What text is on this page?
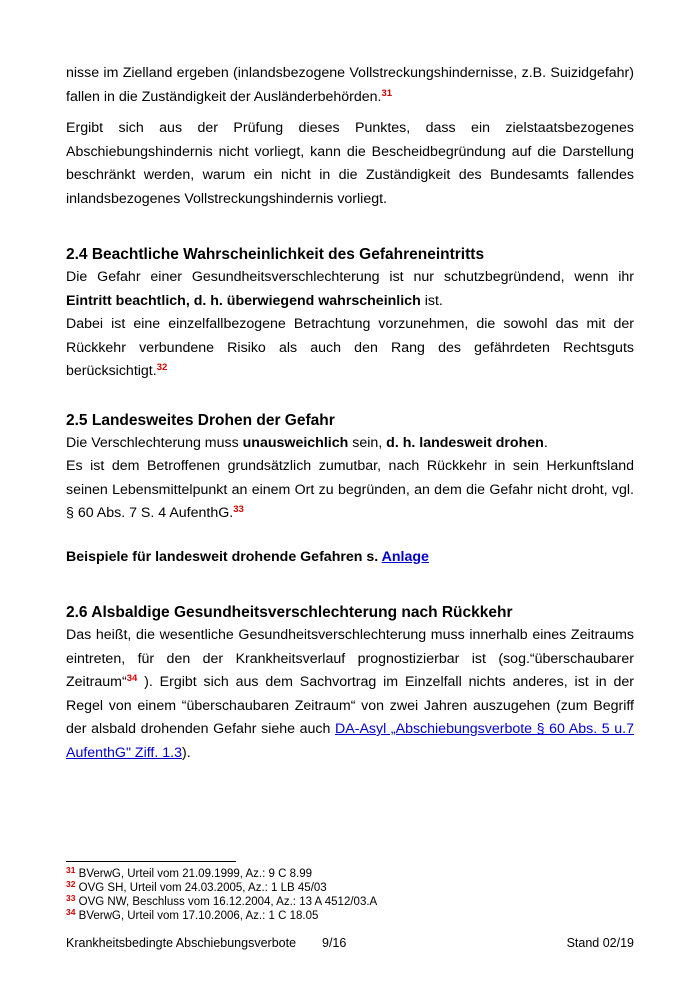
nisse im Zielland ergeben (inlandsbezogene Vollstreckungshindernisse, z.B. Suizidgefahr) fallen in die Zuständigkeit der Ausländerbehörden.$^{31}$

Ergibt sich aus der Prüfung dieses Punktes, dass ein zielstaatsbezogenes Abschiebungshindernis nicht vorliegt, kann die Bescheidbegründung auf die Darstellung beschränkt werden, warum ein nicht in die Zuständigkeit des Bundesamts fallendes inlandsbezogenes Vollstreckungshindernis vorliegt.

2.4 Beachtliche Wahrscheinlichkeit des Gefahreneintritts

Die Gefahr einer Gesundheitsverschlechterung ist nur schutzbegründend, wenn ihr Eintritt beachtlich, d. h. überwiegend wahrscheinlich ist.

Dabei ist eine einzelfallbezogene Betrachtung vorzunehmen, die sowohl das mit der Rückkehr verbundene Risiko als auch den Rang des gefährdeten Rechtsguts berücksichtigt.$^{32}$

2.5 Landesweites Drohen der Gefahr

Die Verschlechterung muss unausweichlich sein, d. h. landesweit drohen.

Es ist dem Betroffenen grundsätzlich zumutbar, nach Rückkehr in sein Herkunftsland seinen Lebensmittelpunkt an einem Ort zu begründen, an dem die Gefahr nicht droht, vgl. § 60 Abs. 7 S. 4 AufenthG.$^{33}$

Beispiele für landesweit drohende Gefahren s. Anlage

2.6 Alsbaldige Gesundheitsverschlechterung nach Rückkehr

Das heißt, die wesentliche Gesundheitsverschlechterung muss innerhalb eines Zeitraums eintreten, für den der Krankheitsverlauf prognostizierbar ist (sog.“überschaubarer Zeitraum“$^{34}$ ). Ergibt sich aus dem Sachvortrag im Einzelfall nichts anderes, ist in der Regel von einem “überschaubaren Zeitraum“ von zwei Jahren auszugehen (zum Begriff der alsbald drohenden Gefahr siehe auch DA-Asyl „Abschiebungsverbote § 60 Abs. 5 u.7 AufenthG" Ziff. 1.3).

$^{31}$ BVerwG, Urteil vom 21.09.1999, Az.: 9 C 8.99
$^{32}$ OVG SH, Urteil vom 24.03.2005, Az.: 1 LB 45/03
$^{33}$ OVG NW, Beschluss vom 16.12.2004, Az.: 13 A 4512/03.A
$^{34}$ BVerwG, Urteil vom 17.10.2006, Az.: 1 C 18.05
Krankheitsbedingte Abschiebungsverbote 9/16	Stand 02/19
